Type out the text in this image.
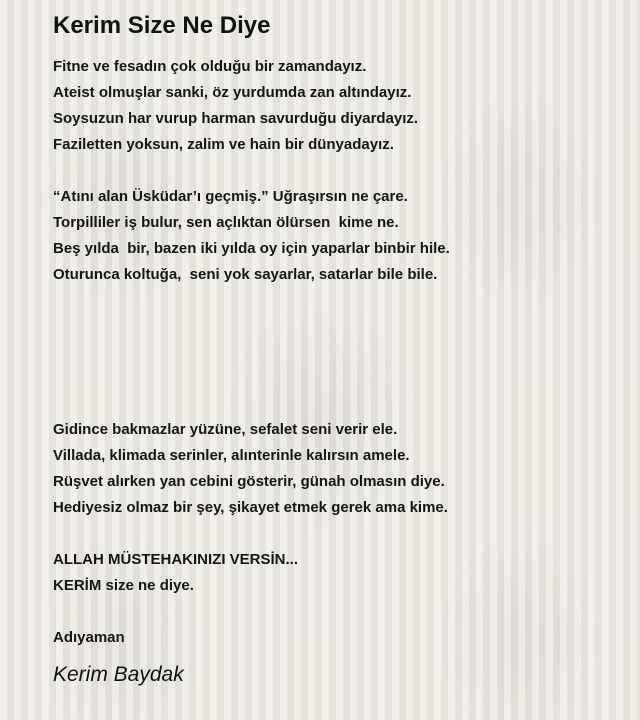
Kerim Size Ne Diye
Fitne ve fesadın çok olduğu bir zamandayız.
Ateist olmuşlar sanki, öz yurdumda zan altındayız.
Soysuzun har vurup harman savurduğu diyardayız.
Faziletten yoksun, zalim ve hain bir dünyadayız.
“Atını alan Üsküdar’ı geçmiş.” Uğraşırsın ne çare.
Torpilliler iş bulur, sen açlıktan ölürsen  kime ne.
Beş yılda  bir, bazen iki yılda oy için yaparlar binbir hile.
Oturunca koltuğa,  seni yok sayarlar, satarlar bile bile.
Gidince bakmazlar yüzüne, sefalet seni verir ele.
Villada, klimada serinler, alınterinle kalırsın amele.
Rüşvet alırken yan cebini gösterir, günah olmasın diye.
Hediyesiz olmaz bir şey, şikayet etmek gerek ama kime.
ALLAH MÜSTEHAKINIZI VERSİN...
KERİM size ne diye.
Adıyaman
Kerim Baydak
